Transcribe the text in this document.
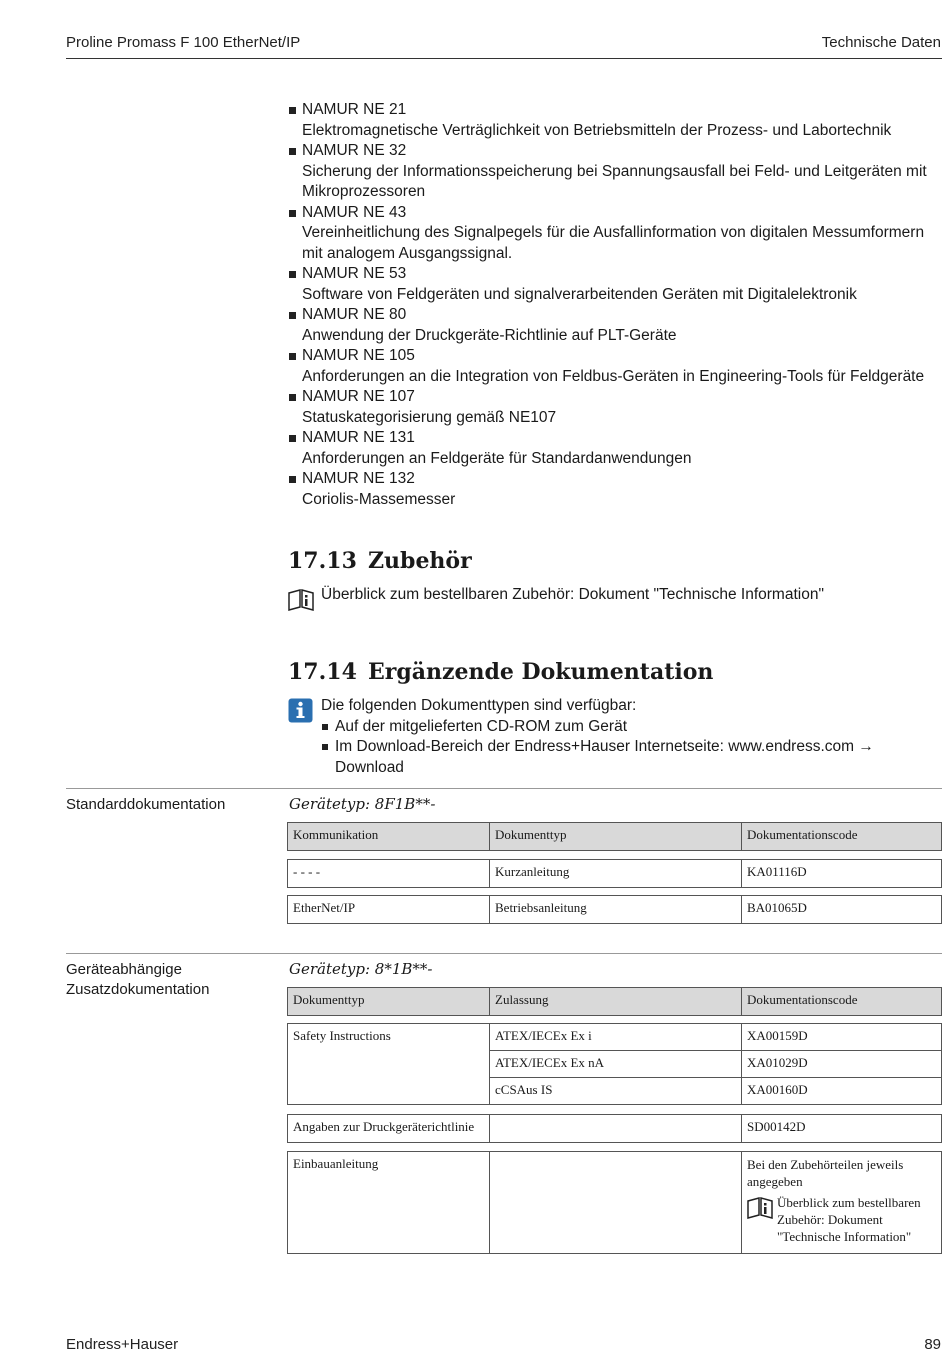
Proline Promass F 100 EtherNet/IP	Technische Daten
NAMUR NE 21
Elektromagnetische Verträglichkeit von Betriebsmitteln der Prozess- und Labortechnik
NAMUR NE 32
Sicherung der Informationsspeicherung bei Spannungsausfall bei Feld- und Leitgeräten mit Mikroprozessoren
NAMUR NE 43
Vereinheitlichung des Signalpegels für die Ausfallinformation von digitalen Messumformern mit analogem Ausgangssignal.
NAMUR NE 53
Software von Feldgeräten und signalverarbeitenden Geräten mit Digitalelektronik
NAMUR NE 80
Anwendung der Druckgeräte-Richtlinie auf PLT-Geräte
NAMUR NE 105
Anforderungen an die Integration von Feldbus-Geräten in Engineering-Tools für Feldgeräte
NAMUR NE 107
Statuskategorisierung gemäß NE107
NAMUR NE 131
Anforderungen an Feldgeräte für Standardanwendungen
NAMUR NE 132
Coriolis-Massemesser
17.13 Zubehör
Überblick zum bestellbaren Zubehör: Dokument "Technische Information"
17.14 Ergänzende Dokumentation
Die folgenden Dokumenttypen sind verfügbar:
Auf der mitgelieferten CD-ROM zum Gerät
Im Download-Bereich der Endress+Hauser Internetseite: www.endress.com → Download
Standarddokumentation	Gerätetyp: 8F1B**-
Kommunikation	Dokumenttyp	Dokumentationscode
- - - -	Kurzanleitung	KA01116D
EtherNet/IP	Betriebsanleitung	BA01065D
Geräteabhängige Zusatzdokumentation
Gerätetyp: 8*1B**-
Dokumenttyp	Zulassung	Dokumentationscode
Safety Instructions	ATEX/IECEx Ex i	XA00159D
	ATEX/IECEx Ex nA	XA01029D
	cCSAus IS	XA00160D
Angaben zur Druckgeräterichtlinie		SD00142D
Einbauanleitung		Bei den Zubehörteilen jeweils angegeben
Überblick zum bestellbaren Zubehör: Dokument "Technische Information"
Endress+Hauser	89
